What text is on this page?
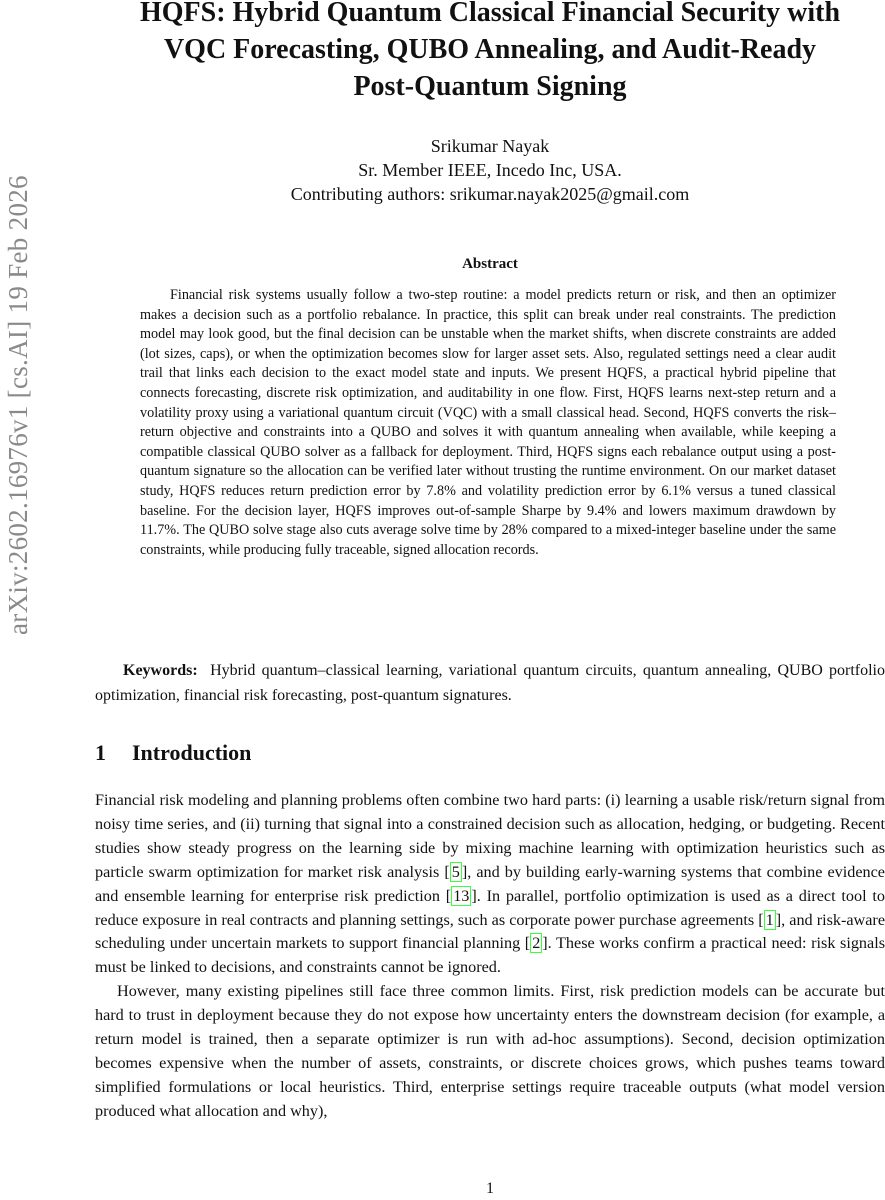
arXiv:2602.16976v1 [cs.AI] 19 Feb 2026
HQFS: Hybrid Quantum Classical Financial Security with
VQC Forecasting, QUBO Annealing, and Audit-Ready
Post-Quantum Signing
Srikumar Nayak
Sr. Member IEEE, Incedo Inc, USA.
Contributing authors: srikumar.nayak2025@gmail.com
Abstract

Financial risk systems usually follow a two-step routine: a model predicts return or risk, and then an optimizer makes a decision such as a portfolio rebalance. In practice, this split can break under real constraints. The prediction model may look good, but the final decision can be unstable when the market shifts, when discrete constraints are added (lot sizes, caps), or when the optimization becomes slow for larger asset sets. Also, regulated settings need a clear audit trail that links each decision to the exact model state and inputs. We present HQFS, a practical hybrid pipeline that connects forecasting, discrete risk optimization, and auditability in one flow. First, HQFS learns next-step return and a volatility proxy using a variational quantum circuit (VQC) with a small classical head. Second, HQFS converts the risk–return objective and constraints into a QUBO and solves it with quantum annealing when available, while keeping a compatible classical QUBO solver as a fallback for deployment. Third, HQFS signs each rebalance output using a post-quantum signature so the allocation can be verified later without trusting the runtime environment. On our market dataset study, HQFS reduces return prediction error by 7.8% and volatility prediction error by 6.1% versus a tuned classical baseline. For the decision layer, HQFS improves out-of-sample Sharpe by 9.4% and lowers maximum drawdown by 11.7%. The QUBO solve stage also cuts average solve time by 28% compared to a mixed-integer baseline under the same constraints, while producing fully traceable, signed allocation records.

Keywords: Hybrid quantum–classical learning, variational quantum circuits, quantum annealing, QUBO portfolio optimization, financial risk forecasting, post-quantum signatures.

1 Introduction

Financial risk modeling and planning problems often combine two hard parts: (i) learning a usable risk/return signal from noisy time series, and (ii) turning that signal into a constrained decision such as allocation, hedging, or budgeting. Recent studies show steady progress on the learning side by mixing machine learning with optimization heuristics such as particle swarm optimization for market risk analysis [ 5 ], and by building early-warning systems that combine evidence and ensemble learning for enterprise risk prediction [ 13 ]. In parallel, portfolio optimization is used as a direct tool to reduce exposure in real contracts and planning settings, such as corporate power purchase agreements [ 1 ], and risk-aware scheduling under uncertain markets to support financial planning [ 2 ]. These works confirm a practical need: risk signals must be linked to decisions, and constraints cannot be ignored.

However, many existing pipelines still face three common limits. First, risk prediction models can be accurate but hard to trust in deployment because they do not expose how uncertainty enters the downstream decision (for example, a return model is trained, then a separate optimizer is run with ad-hoc assumptions). Second, decision optimization becomes expensive when the number of assets, constraints, or discrete choices grows, which pushes teams toward simplified formulations or local heuristics. Third, enterprise settings require traceable outputs (what model version produced what allocation and why),

1
